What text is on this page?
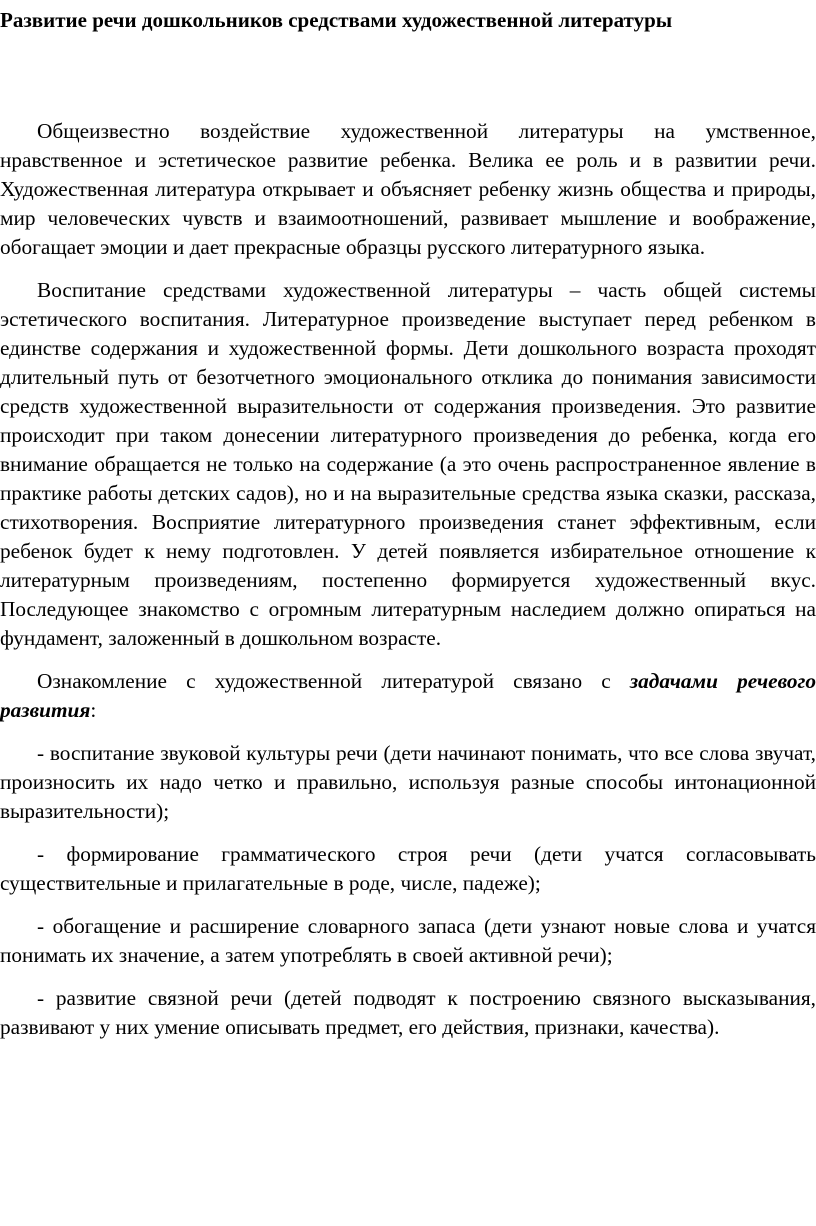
Развитие речи дошкольников средствами художественной литературы

Общеизвестно воздействие художественной литературы на умственное, нравственное и эстетическое развитие ребенка. Велика ее роль и в развитии речи. Художественная литература открывает и объясняет ребенку жизнь общества и природы, мир человеческих чувств и взаимоотношений, развивает мышление и воображение, обогащает эмоции и дает прекрасные образцы русского литературного языка.

Воспитание средствами художественной литературы – часть общей системы эстетического воспитания. Литературное произведение выступает перед ребенком в единстве содержания и художественной формы. Дети дошкольного возраста проходят длительный путь от безотчетного эмоционального отклика до понимания зависимости средств художественной выразительности от содержания произведения. Это развитие происходит при таком донесении литературного произведения до ребенка, когда его внимание обращается не только на содержание (а это очень распространенное явление в практике работы детских садов), но и на выразительные средства языка сказки, рассказа, стихотворения. Восприятие литературного произведения станет эффективным, если ребенок будет к нему подготовлен. У детей появляется избирательное отношение к литературным произведениям, постепенно формируется художественный вкус. Последующее знакомство с огромным литературным наследием должно опираться на фундамент, заложенный в дошкольном возрасте.

Ознакомление с художественной литературой связано с задачами речевого развития:

- воспитание звуковой культуры речи (дети начинают понимать, что все слова звучат, произносить их надо четко и правильно, используя разные способы интонационной выразительности);

- формирование грамматического строя речи (дети учатся согласовывать существительные и прилагательные в роде, числе, падеже);

- обогащение и расширение словарного запаса (дети узнают новые слова и учатся понимать их значение, а затем употреблять в своей активной речи);

- развитие связной речи (детей подводят к построению связного высказывания, развивают у них умение описывать предмет, его действия, признаки, качества).
